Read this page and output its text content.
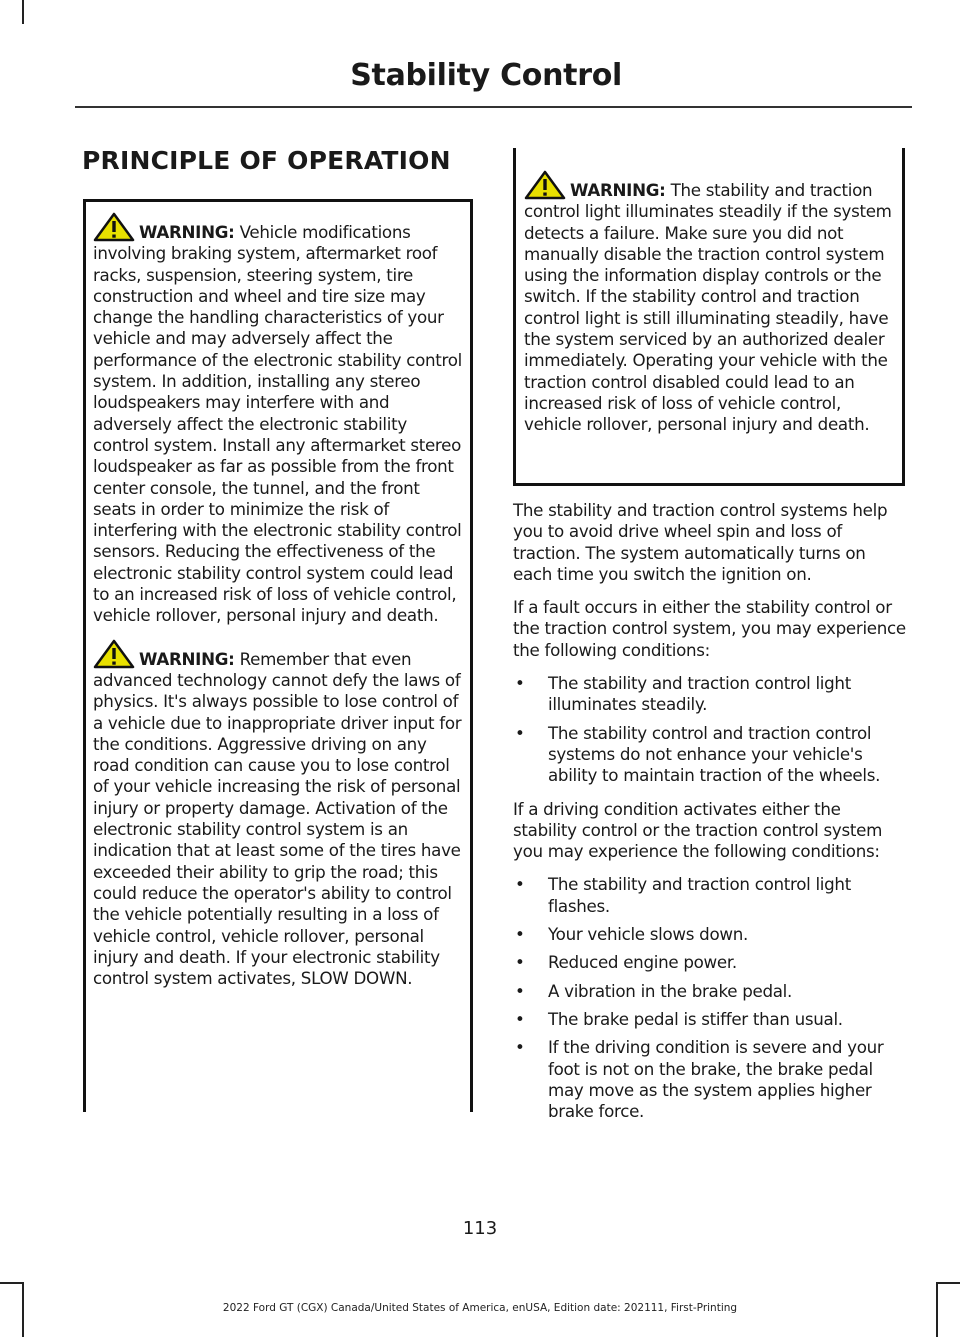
Stability Control
PRINCIPLE OF OPERATION

WARNING: Vehicle modifications involving braking system, aftermarket roof racks, suspension, steering system, tire construction and wheel and tire size may change the handling characteristics of your vehicle and may adversely affect the performance of the electronic stability control system. In addition, installing any stereo loudspeakers may interfere with and adversely affect the electronic stability control system. Install any aftermarket stereo loudspeaker as far as possible from the front center console, the tunnel, and the front seats in order to minimize the risk of interfering with the electronic stability control sensors. Reducing the effectiveness of the electronic stability control system could lead to an increased risk of loss of vehicle control, vehicle rollover, personal injury and death.

WARNING: Remember that even advanced technology cannot defy the laws of physics. It's always possible to lose control of a vehicle due to inappropriate driver input for the conditions. Aggressive driving on any road condition can cause you to lose control of your vehicle increasing the risk of personal injury or property damage. Activation of the electronic stability control system is an indication that at least some of the tires have exceeded their ability to grip the road; this could reduce the operator's ability to control the vehicle potentially resulting in a loss of vehicle control, vehicle rollover, personal injury and death. If your electronic stability control system activates, SLOW DOWN.

WARNING: The stability and traction control light illuminates steadily if the system detects a failure. Make sure you did not manually disable the traction control system using the information display controls or the switch. If the stability control and traction control light is still illuminating steadily, have the system serviced by an authorized dealer immediately. Operating your vehicle with the traction control disabled could lead to an increased risk of loss of vehicle control, vehicle rollover, personal injury and death.

The stability and traction control systems help you to avoid drive wheel spin and loss of traction. The system automatically turns on each time you switch the ignition on.

If a fault occurs in either the stability control or the traction control system, you may experience the following conditions:

• The stability and traction control light illuminates steadily.
• The stability control and traction control systems do not enhance your vehicle's ability to maintain traction of the wheels.

If a driving condition activates either the stability control or the traction control system you may experience the following conditions:

• The stability and traction control light flashes.
• Your vehicle slows down.
• Reduced engine power.
• A vibration in the brake pedal.
• The brake pedal is stiffer than usual.
• If the driving condition is severe and your foot is not on the brake, the brake pedal may move as the system applies higher brake force.
113
2022 Ford GT (CGX) Canada/United States of America, enUSA, Edition date: 202111, First-Printing
